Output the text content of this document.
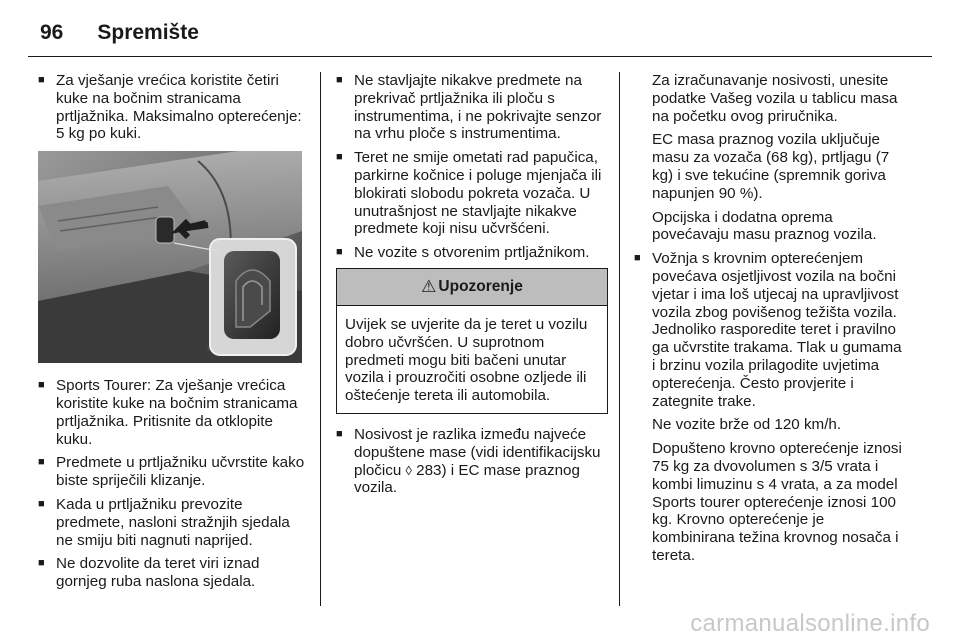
96 Spremište
■ Za vješanje vrećica koristite četiri kuke na bočnim stranicama prtljažnika. Maksimalno opterećenje: 5 kg po kuki.
■ Sports Tourer: Za vješanje vrećica koristite kuke na bočnim stranicama prtljažnika. Pritisnite da otklopite kuku.
■ Predmete u prtljažniku učvrstite kako biste spriječili klizanje.
■ Kada u prtljažniku prevozite predmete, nasloni stražnjih sjedala ne smiju biti nagnuti naprijed.
■ Ne dozvolite da teret viri iznad gornjeg ruba naslona sjedala.
■ Ne stavljajte nikakve predmete na prekrivač prtljažnika ili ploču s instrumentima, i ne pokrivajte senzor na vrhu ploče s instrumentima.
■ Teret ne smije ometati rad papučica, parkirne kočnice i poluge mjenjača ili blokirati slobodu pokreta vozača. U unutrašnjost ne stavljajte nikakve predmete koji nisu učvršćeni.
■ Ne vozite s otvorenim prtljažnikom.
⚠ Upozorenje
Uvijek se uvjerite da je teret u vozilu dobro učvršćen. U suprotnom predmeti mogu biti bačeni unutar vozila i prouzročiti osobne ozljede ili oštećenje tereta ili automobila.
■ Nosivost je razlika između najveće dopuštene mase (vidi identifikacijsku pločicu ◊ 283) i EC mase praznog vozila.
Za izračunavanje nosivosti, unesite podatke Vašeg vozila u tablicu masa na početku ovog priručnika.
EC masa praznog vozila uključuje masu za vozača (68 kg), prtljagu (7 kg) i sve tekućine (spremnik goriva napunjen 90 %).
Opcijska i dodatna oprema povećavaju masu praznog vozila.
■ Vožnja s krovnim opterećenjem povećava osjetljivost vozila na bočni vjetar i ima loš utjecaj na upravljivost vozila zbog povišenog težišta vozila. Jednoliko rasporedite teret i pravilno ga učvrstite trakama. Tlak u gumama i brzinu vozila prilagodite uvjetima opterećenja. Često provjerite i zategnite trake.
Ne vozite brže od 120 km/h.
Dopušteno krovno opterećenje iznosi 75 kg za dvovolumen s 3/5 vrata i kombi limuzinu s 4 vrata, a za model Sports tourer opterećenje iznosi 100 kg. Krovno opterećenje je kombinirana težina krovnog nosača i tereta.
carmanualsonline.info
